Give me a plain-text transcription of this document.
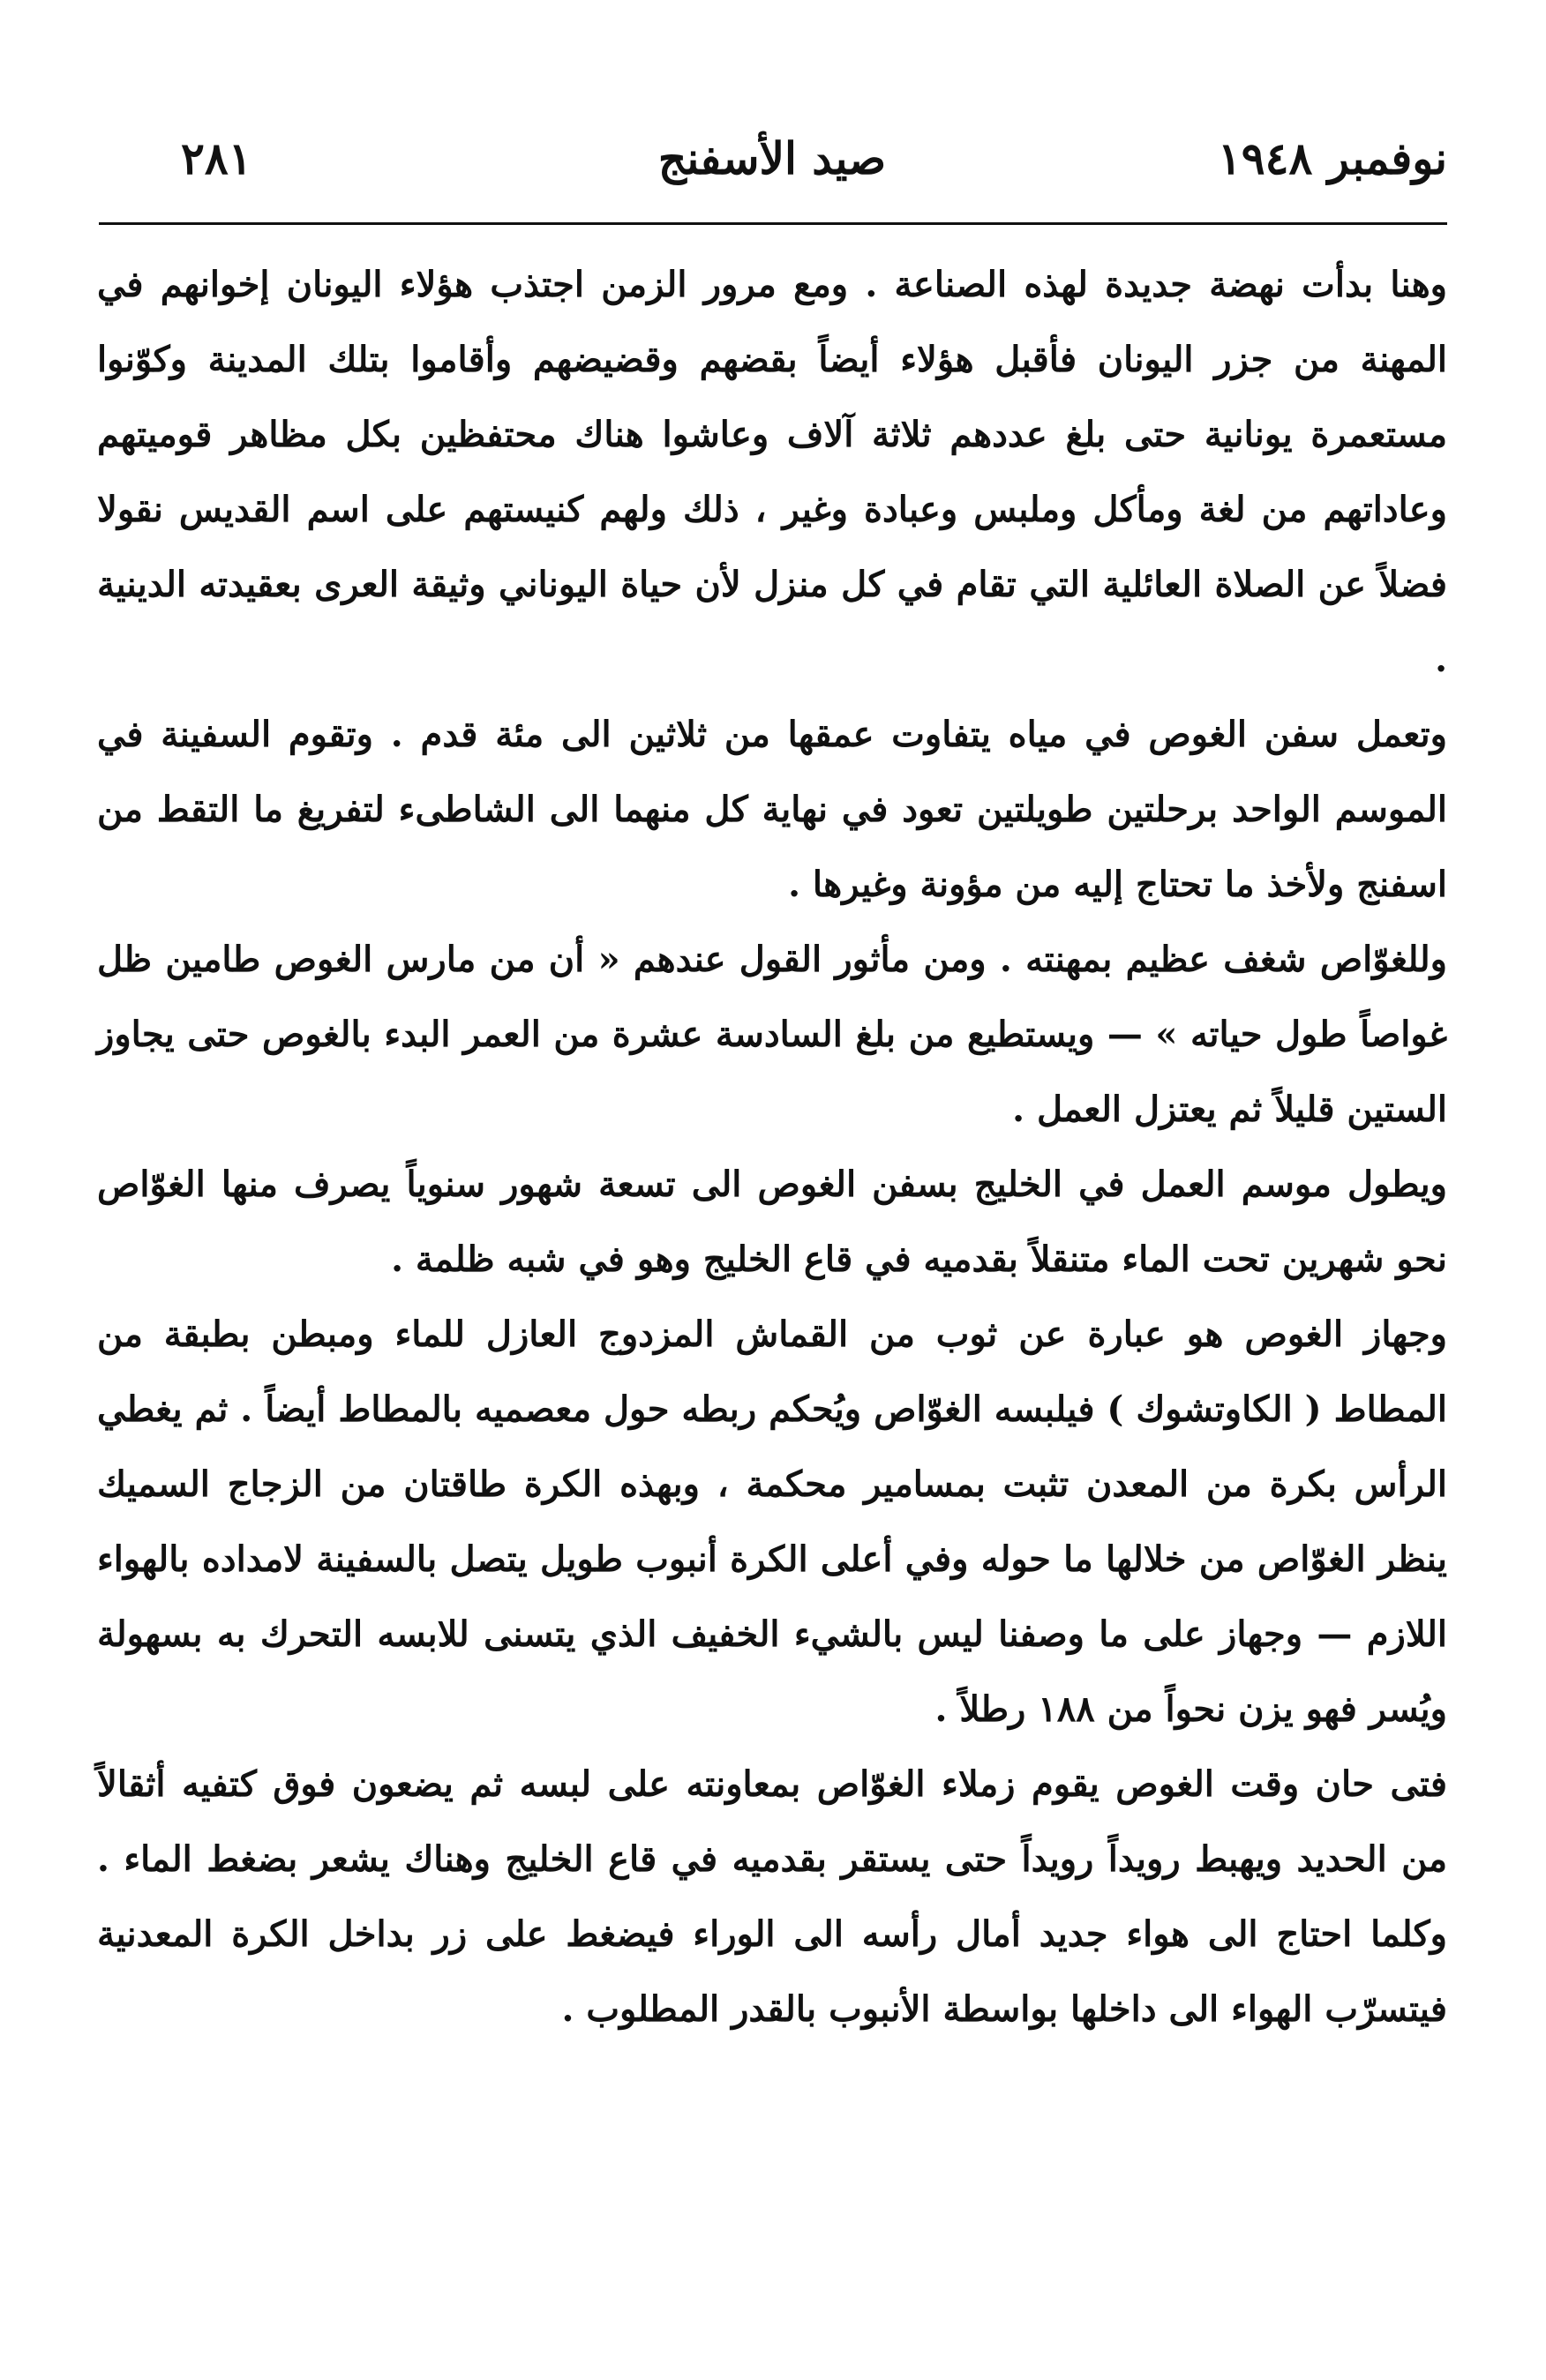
نوفمبر ١٩٤٨
صيد الأسفنج
٢٨١

وهنا بدأت نهضة جديدة لهذه الصناعة . ومع مرور الزمن اجتذب هؤلاء اليونان إخوانهم في المهنة من جزر اليونان فأقبل هؤلاء أيضاً بقضهم وقضيضهم وأقاموا بتلك المدينة وكوّنوا مستعمرة يونانية حتى بلغ عددهم ثلاثة آلاف وعاشوا هناك محتفظين بكل مظاهر قوميتهم وعاداتهم من لغة ومأكل وملبس وعبادة وغير ، ذلك ولهم كنيستهم على اسم القديس نقولا فضلاً عن الصلاة العائلية التي تقام في كل منزل لأن حياة اليوناني وثيقة العرى بعقيدته الدينية .

وتعمل سفن الغوص في مياه يتفاوت عمقها من ثلاثين الى مئة قدم . وتقوم السفينة في الموسم الواحد برحلتين طويلتين تعود في نهاية كل منهما الى الشاطىء لتفريغ ما التقط من اسفنج ولأخذ ما تحتاج إليه من مؤونة وغيرها .

وللغوّاص شغف عظيم بمهنته . ومن مأثور القول عندهم « أن من مارس الغوص طامين ظل غواصاً طول حياته » — ويستطيع من بلغ السادسة عشرة من العمر البدء بالغوص حتى يجاوز الستين قليلاً ثم يعتزل العمل .

ويطول موسم العمل في الخليج بسفن الغوص الى تسعة شهور سنوياً يصرف منها الغوّاص نحو شهرين تحت الماء متنقلاً بقدميه في قاع الخليج وهو في شبه ظلمة .

وجهاز الغوص هو عبارة عن ثوب من القماش المزدوج العازل للماء ومبطن بطبقة من المطاط ( الكاوتشوك ) فيلبسه الغوّاص ويُحكم ربطه حول معصميه بالمطاط أيضاً . ثم يغطي الرأس بكرة من المعدن تثبت بمسامير محكمة ، وبهذه الكرة طاقتان من الزجاج السميك ينظر الغوّاص من خلالها ما حوله وفي أعلى الكرة أنبوب طويل يتصل بالسفينة لامداده بالهواء اللازم — وجهاز على ما وصفنا ليس بالشيء الخفيف الذي يتسنى للابسه التحرك به بسهولة ويُسر فهو يزن نحواً من ١٨٨ رطلاً .

فتى حان وقت الغوص يقوم زملاء الغوّاص بمعاونته على لبسه ثم يضعون فوق كتفيه أثقالاً من الحديد ويهبط رويداً رويداً حتى يستقر بقدميه في قاع الخليج وهناك يشعر بضغط الماء . وكلما احتاج الى هواء جديد أمال رأسه الى الوراء فيضغط على زر بداخل الكرة المعدنية فيتسرّب الهواء الى داخلها بواسطة الأنبوب بالقدر المطلوب .
